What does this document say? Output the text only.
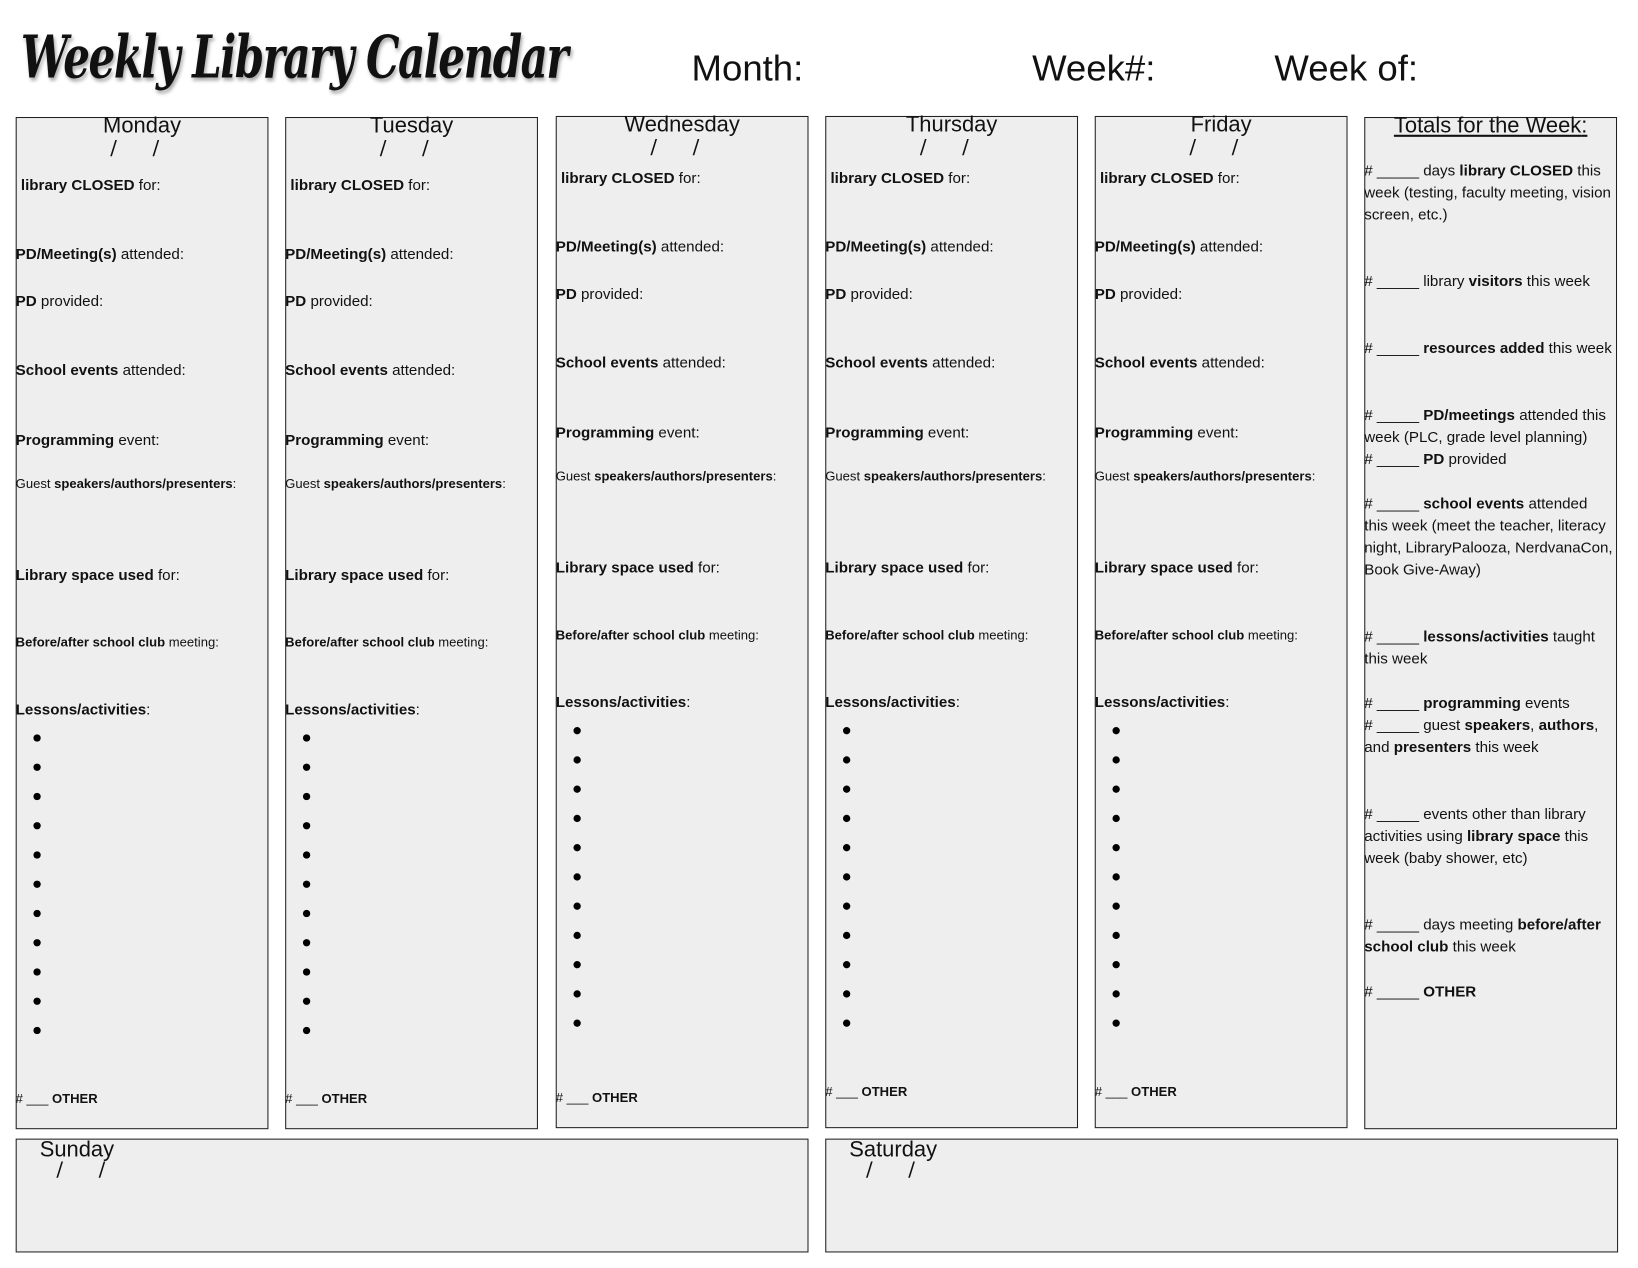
Weekly Library Calendar	Month:	Week#:	Week of:
Monday
/ /
library CLOSED for:
PD/Meeting(s) attended:
PD provided:
School events attended:
Programming event:
Guest speakers/authors/presenters:
Library space used for:
Before/after school club meeting:
Lessons/activities:
# ___ OTHER
Tuesday
/ /
library CLOSED for:
PD/Meeting(s) attended:
PD provided:
School events attended:
Programming event:
Guest speakers/authors/presenters:
Library space used for:
Before/after school club meeting:
Lessons/activities:
# ___ OTHER
Wednesday
/ /
library CLOSED for:
PD/Meeting(s) attended:
PD provided:
School events attended:
Programming event:
Guest speakers/authors/presenters:
Library space used for:
Before/after school club meeting:
Lessons/activities:
# ___ OTHER
Thursday
/ /
library CLOSED for:
PD/Meeting(s) attended:
PD provided:
School events attended:
Programming event:
Guest speakers/authors/presenters:
Library space used for:
Before/after school club meeting:
Lessons/activities:
# ___ OTHER
Friday
/ /
library CLOSED for:
PD/Meeting(s) attended:
PD provided:
School events attended:
Programming event:
Guest speakers/authors/presenters:
Library space used for:
Before/after school club meeting:
Lessons/activities:
# ___ OTHER
Totals for the Week:
# _____ days library CLOSED this week (testing, faculty meeting, vision screen, etc.)
# _____ library visitors this week
# _____ resources added this week
# _____ PD/meetings attended this week (PLC, grade level planning)
# _____ PD provided
# _____ school events attended this week (meet the teacher, literacy night, LibraryPalooza, NerdvanaCon, Book Give-Away)
# _____ lessons/activities taught this week
# _____ programming events
# _____ guest speakers, authors, and presenters this week
# _____ events other than library activities using library space this week (baby shower, etc)
# _____ days meeting before/after school club this week
# _____ OTHER
Sunday
/ /
Saturday
/ /
